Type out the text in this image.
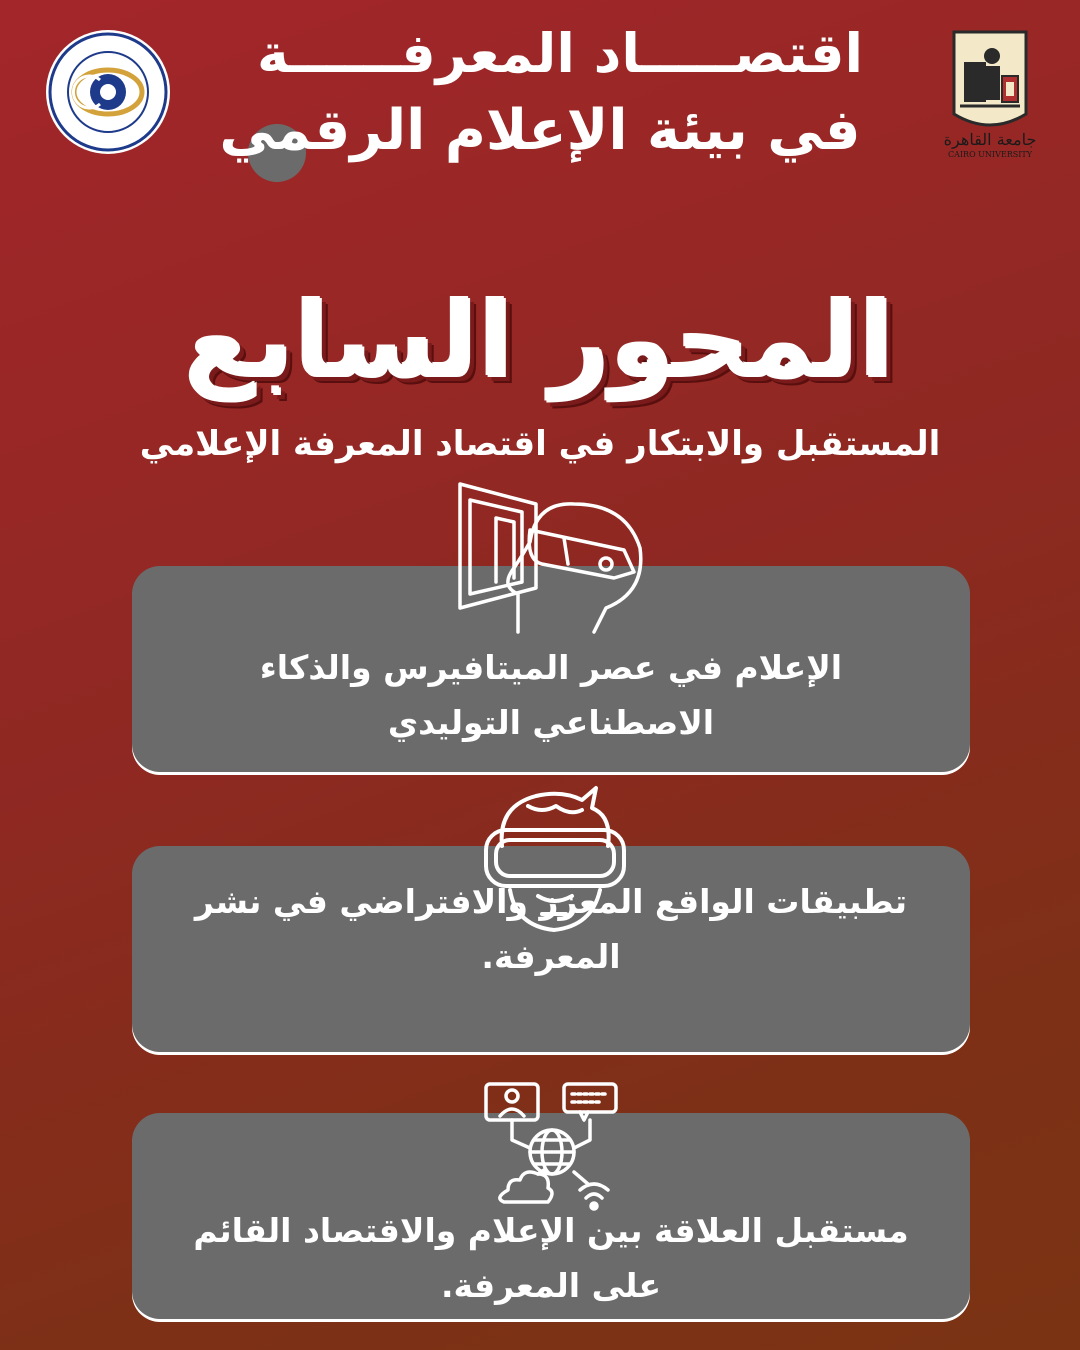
جامعة القاهرة
CAIRO UNIVERSITY
اقتصـــــاد المعرفــــــة
في بيئة الإعلام الرقمي
المحور السابع
المستقبل والابتكار في اقتصاد المعرفة الإعلامي
الإعلام في عصر الميتافيرس والذكاء الاصطناعي التوليدي
تطبيقات الواقع المعزز والافتراضي في نشر المعرفة.
مستقبل العلاقة بين الإعلام والاقتصاد القائم على المعرفة.
